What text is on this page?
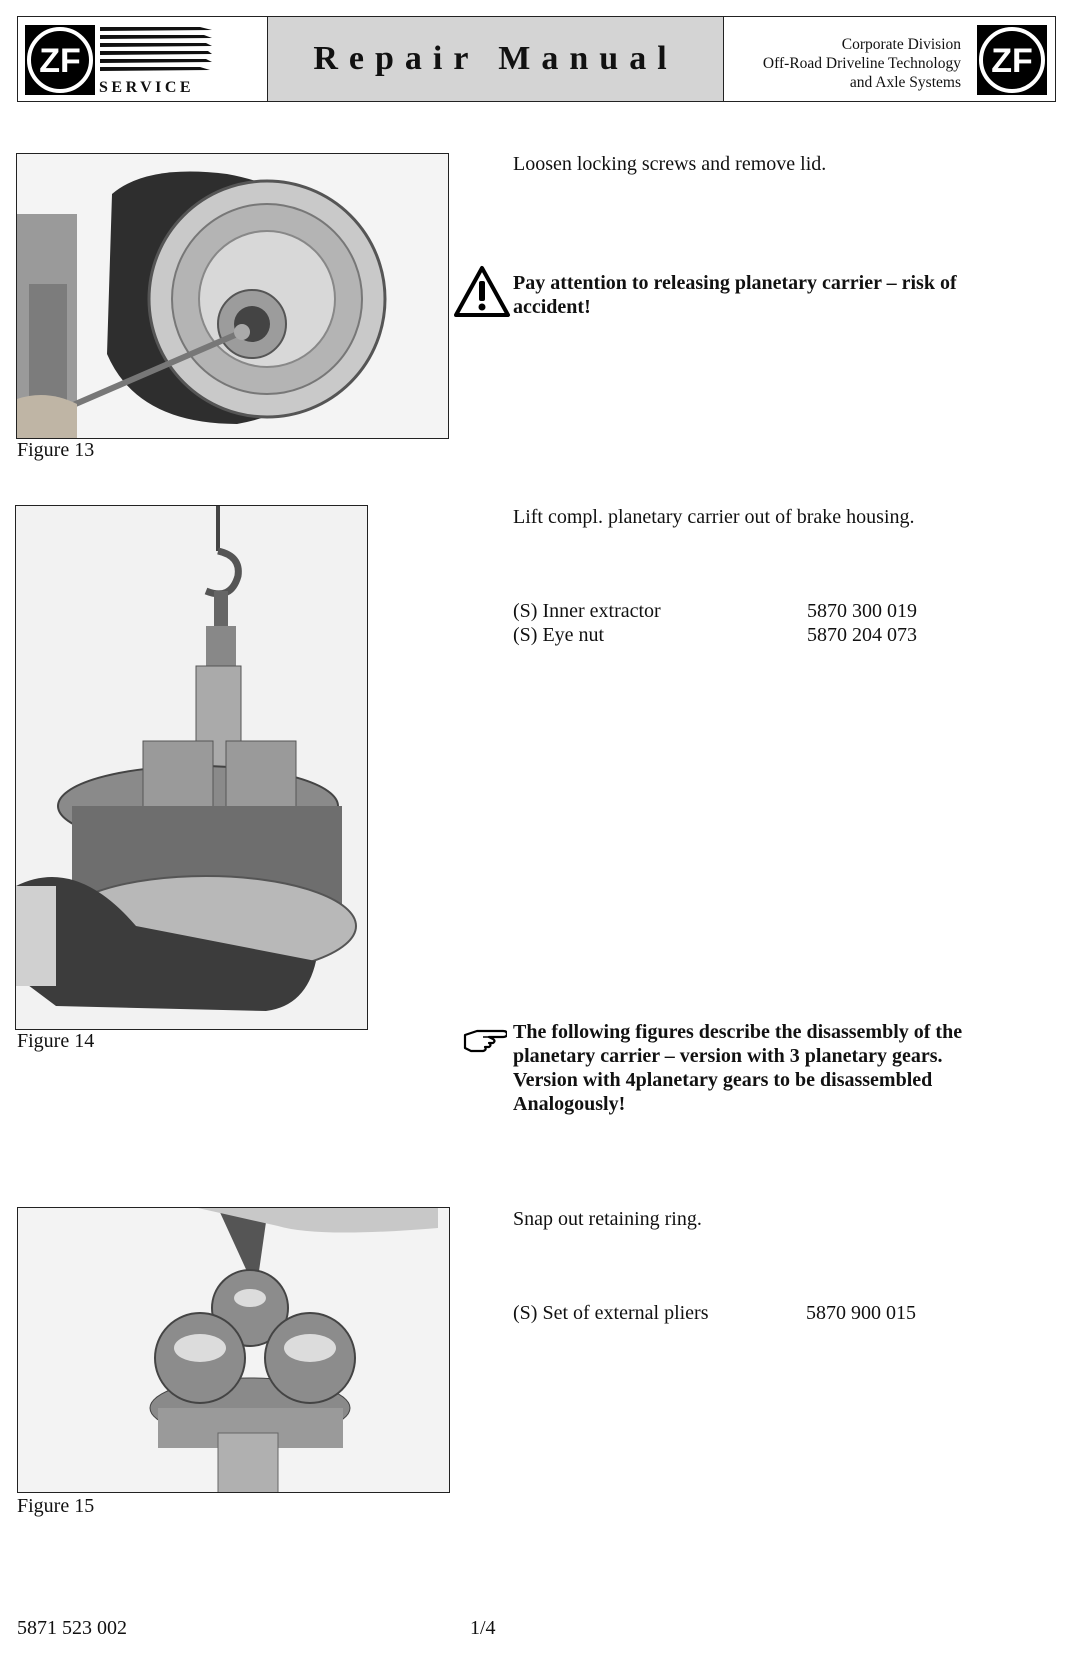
ZF
SERVICE
Repair Manual	Corporate Division
Off-Road Driveline Technology
and Axle Systems
ZF
Figure 13
Loosen locking screws and remove lid.
Pay attention to releasing planetary carrier – risk of accident!
Figure 14
Lift compl. planetary carrier out of brake housing.
(S) Inner extractor	5870 300 019
(S) Eye nut	5870 204 073
The following figures describe the disassembly of the planetary carrier – version with 3 planetary gears. Version with 4planetary gears to be disassembled Analogously!
Figure 15
Snap out retaining ring.
(S) Set of external pliers	5870 900 015
5871 523 002	1/4
